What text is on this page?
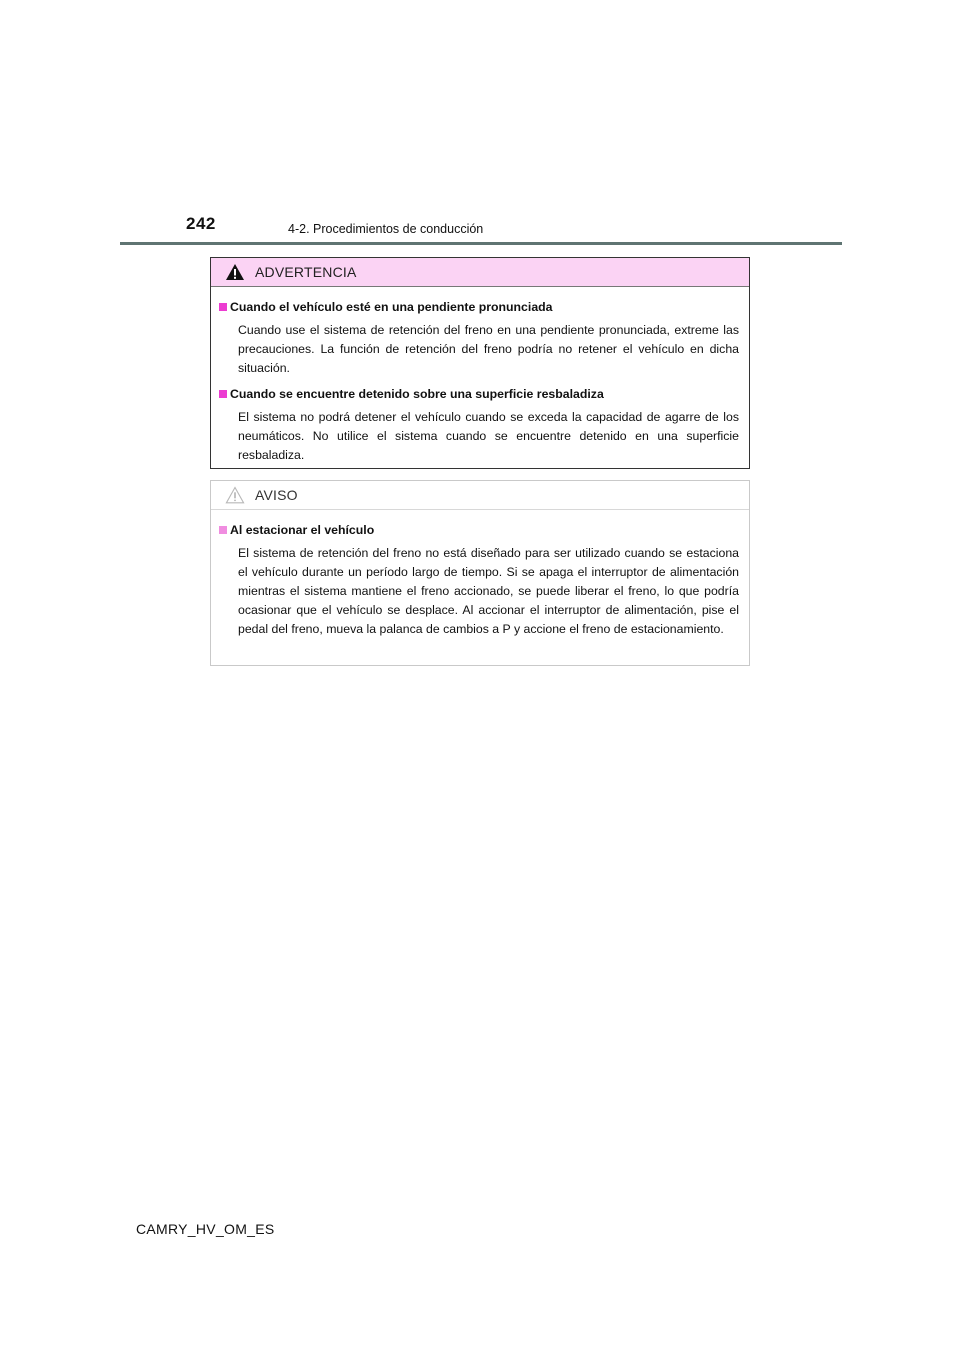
242	4-2. Procedimientos de conducción
ADVERTENCIA
Cuando el vehículo esté en una pendiente pronunciada
Cuando use el sistema de retención del freno en una pendiente pronunciada, extreme las precauciones. La función de retención del freno podría no retener el vehículo en dicha situación.
Cuando se encuentre detenido sobre una superficie resbaladiza
El sistema no podrá detener el vehículo cuando se exceda la capacidad de agarre de los neumáticos. No utilice el sistema cuando se encuentre detenido en una superficie resbaladiza.
AVISO
Al estacionar el vehículo
El sistema de retención del freno no está diseñado para ser utilizado cuando se estaciona el vehículo durante un período largo de tiempo. Si se apaga el interruptor de alimentación mientras el sistema mantiene el freno accionado, se puede liberar el freno, lo que podría ocasionar que el vehículo se desplace. Al accionar el interruptor de alimentación, pise el pedal del freno, mueva la palanca de cambios a P y accione el freno de estacionamiento.
CAMRY_HV_OM_ES
